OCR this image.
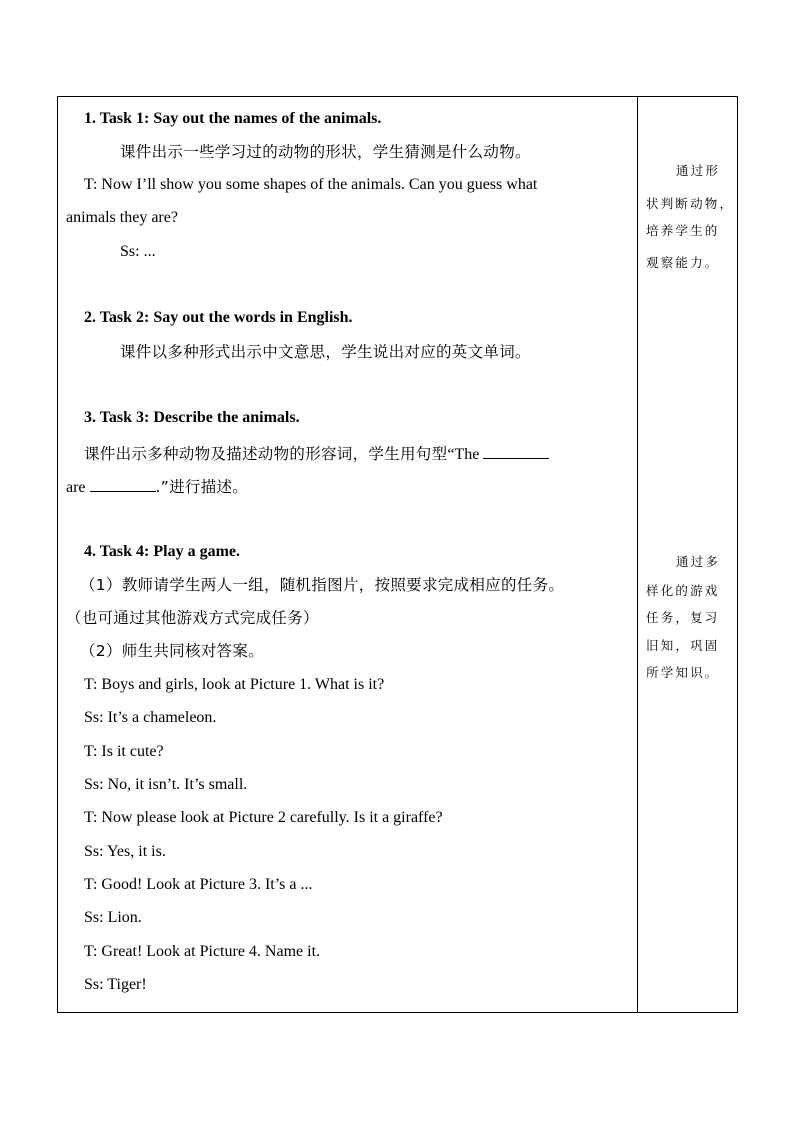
1. Task 1: Say out the names of the animals.
课件出示一些学习过的动物的形状，学生猜测是什么动物。
T: Now I’ll show you some shapes of the animals. Can you guess what
animals they are?
Ss: ...
2. Task 2: Say out the words in English.
课件以多种形式出示中文意思，学生说出对应的英文单词。
3. Task 3: Describe the animals.
课件出示多种动物及描述动物的形容词，学生用句型“The
are	.”进行描述。
4. Task 4: Play a game.
（1）教师请学生两人一组，随机指图片，按照要求完成相应的任务。
（也可通过其他游戏方式完成任务）
（2）师生共同核对答案。
T: Boys and girls, look at Picture 1. What is it?
Ss: It’s a chameleon.
T: Is it cute?
Ss: No, it isn’t. It’s small.
T: Now please look at Picture 2 carefully. Is it a giraffe?
Ss: Yes, it is.
T: Good! Look at Picture 3. It’s a ...
Ss: Lion.
T: Great! Look at Picture 4. Name it.
Ss: Tiger!
通过形
状判断动物，
培养学生的
观察能力。
通过多
样化的游戏
任务，复习
旧知，巩固
所学知识。
